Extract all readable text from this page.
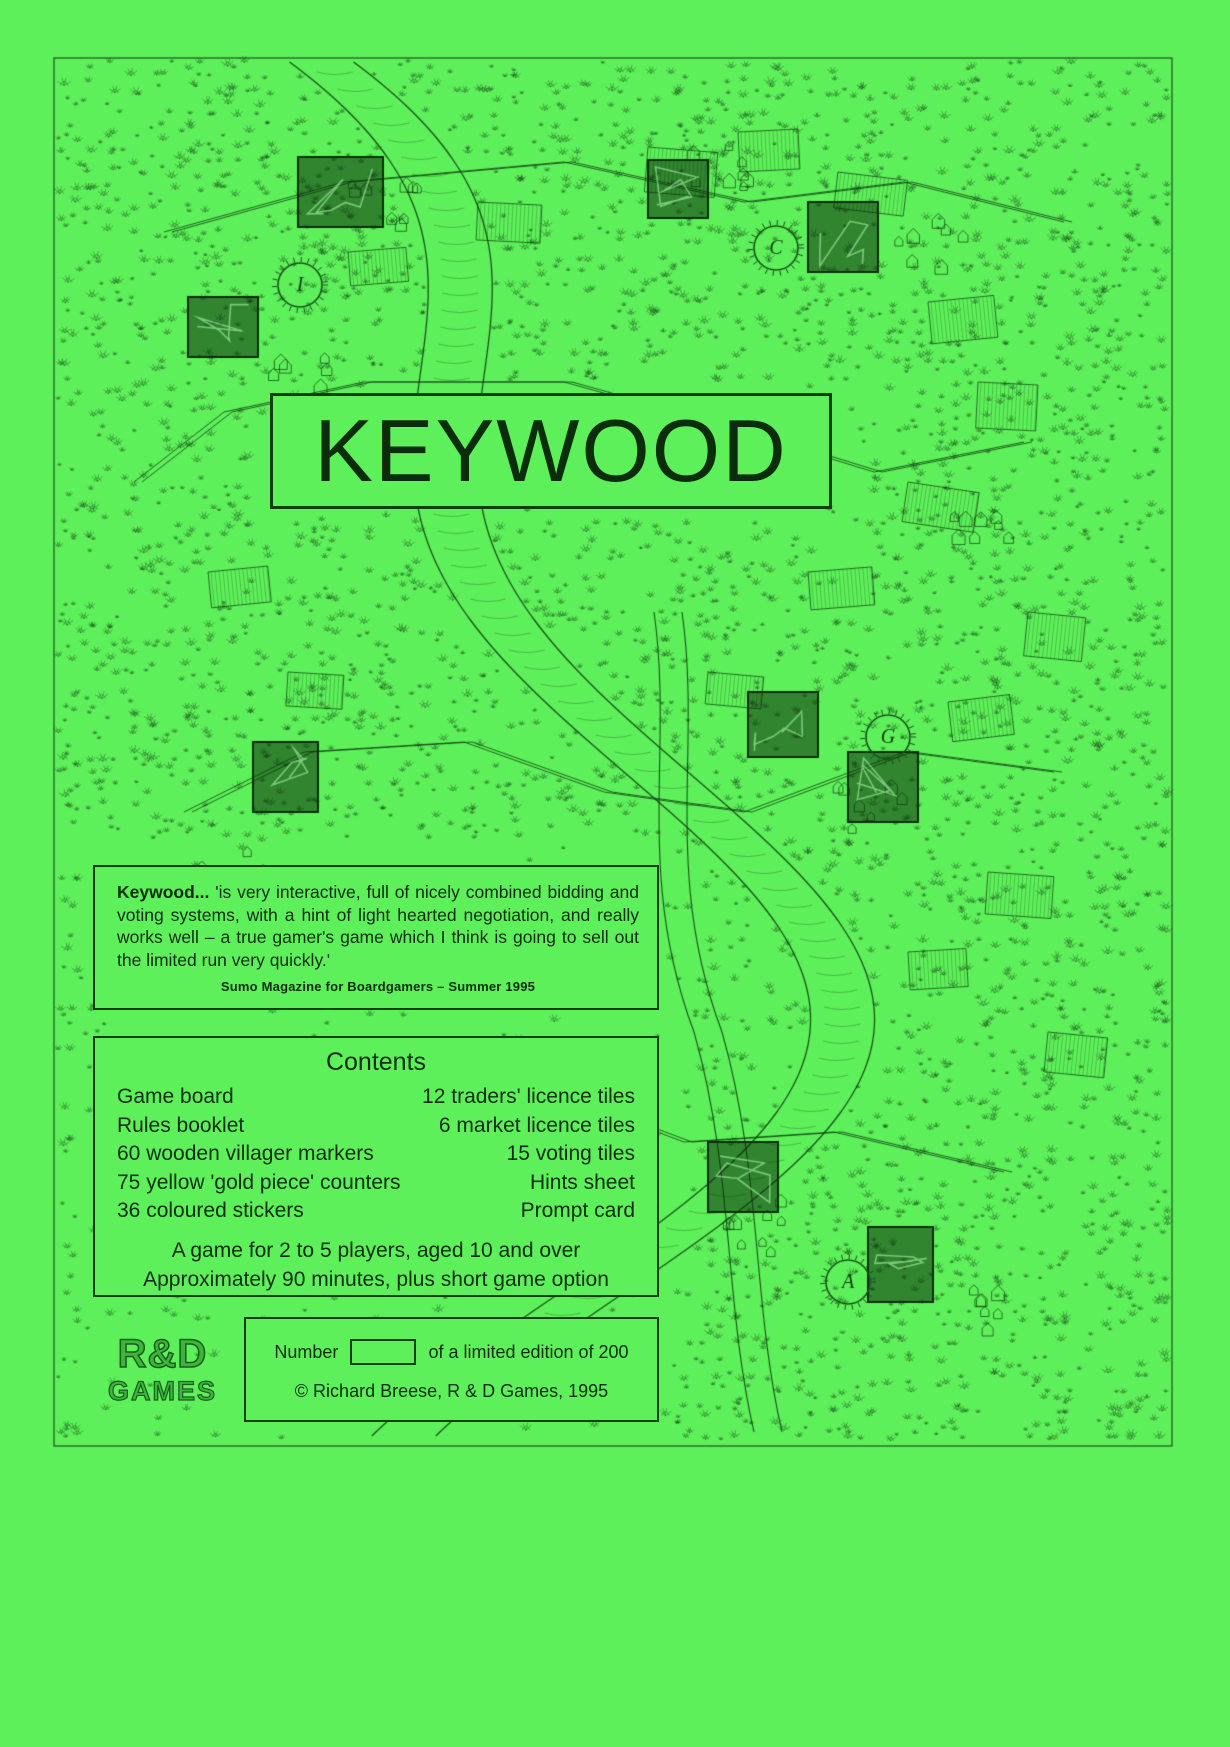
KEYWOOD
Keywood... 'is very interactive, full of nicely combined bidding and voting systems, with a hint of light hearted negotiation, and really works well – a true gamer's game which I think is going to sell out the limited run very quickly.'
Sumo Magazine for Boardgamers – Summer 1995
Contents
Game board	12 traders' licence tiles
Rules booklet	6 market licence tiles
60 wooden villager markers	15 voting tiles
75 yellow 'gold piece' counters	Hints sheet
36 coloured stickers	Prompt card
A game for 2 to 5 players, aged 10 and over
Approximately 90 minutes, plus short game option
R&D
GAMES
Number	of a limited edition of 200
© Richard Breese, R & D Games, 1995
